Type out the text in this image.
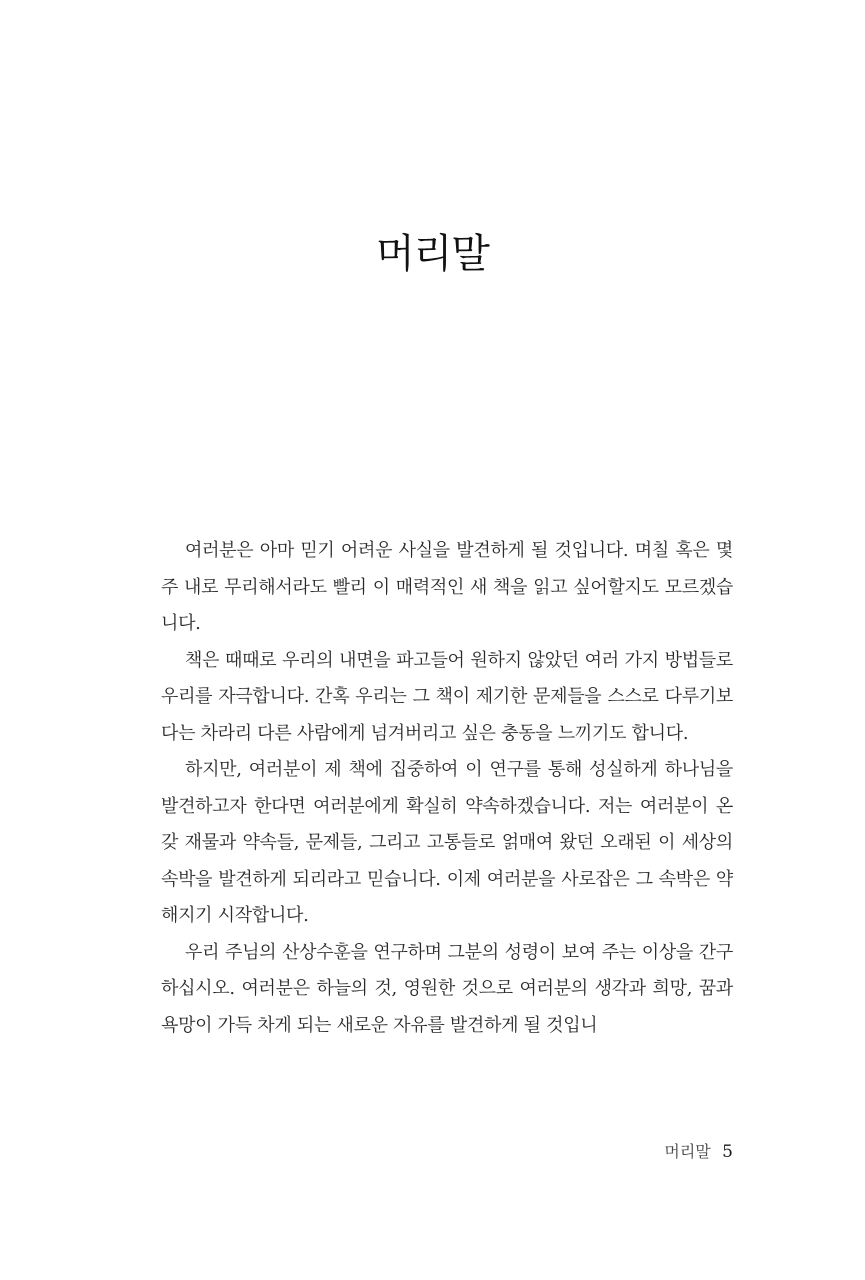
머리말

여러분은 아마 믿기 어려운 사실을 발견하게 될 것입니다. 며칠 혹은 몇주 내로 무리해서라도 빨리 이 매력적인 새 책을 읽고 싶어할지도 모르겠습니다.

책은 때때로 우리의 내면을 파고들어 원하지 않았던 여러 가지 방법들로 우리를 자극합니다. 간혹 우리는 그 책이 제기한 문제들을 스스로 다루기보다는 차라리 다른 사람에게 넘겨버리고 싶은 충동을 느끼기도 합니다.

하지만, 여러분이 제 책에 집중하여 이 연구를 통해 성실하게 하나님을 발견하고자 한다면 여러분에게 확실히 약속하겠습니다. 저는 여러분이 온갖 재물과 약속들, 문제들, 그리고 고통들로 얽매여 왔던 오래된 이 세상의 속박을 발견하게 되리라고 믿습니다. 이제 여러분을 사로잡은 그 속박은 약해지기 시작합니다.

우리 주님의 산상수훈을 연구하며 그분의 성령이 보여 주는 이상을 간구하십시오. 여러분은 하늘의 것, 영원한 것으로 여러분의 생각과 희망, 꿈과 욕망이 가득 차게 되는 새로운 자유를 발견하게 될 것입니

머리말 5
